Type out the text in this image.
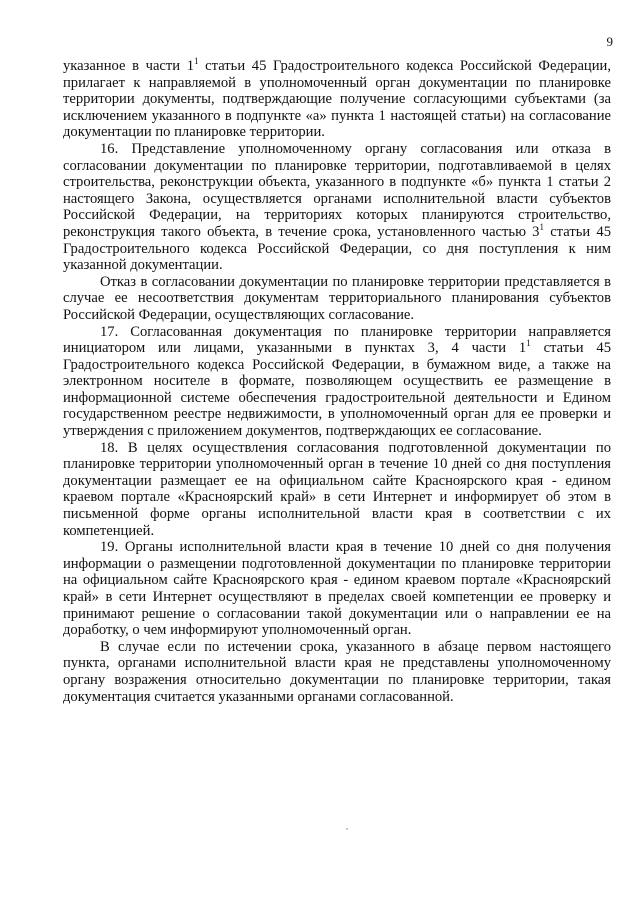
9

указанное в части $1^1$ статьи 45 Градостроительного кодекса Российской Федерации, прилагает к направляемой в уполномоченный орган документации по планировке территории документы, подтверждающие получение согласующими субъектами (за исключением указанного в подпункте «а» пункта 1 настоящей статьи) на согласование документации по планировке территории.

16. Представление уполномоченному органу согласования или отказа в согласовании документации по планировке территории, подготавливаемой в целях строительства, реконструкции объекта, указанного в подпункте «б» пункта 1 статьи 2 настоящего Закона, осуществляется органами исполнительной власти субъектов Российской Федерации, на территориях которых планируются строительство, реконструкция такого объекта, в течение срока, установленного частью $3^1$ статьи 45 Градостроительного кодекса Российской Федерации, со дня поступления к ним указанной документации.

Отказ в согласовании документации по планировке территории представляется в случае ее несоответствия документам территориального планирования субъектов Российской Федерации, осуществляющих согласование.

17. Согласованная документация по планировке территории направляется инициатором или лицами, указанными в пунктах 3, 4 части $1^1$ статьи 45 Градостроительного кодекса Российской Федерации, в бумажном виде, а также на электронном носителе в формате, позволяющем осуществить ее размещение в информационной системе обеспечения градостроительной деятельности и Едином государственном реестре недвижимости, в уполномоченный орган для ее проверки и утверждения с приложением документов, подтверждающих ее согласование.

18. В целях осуществления согласования подготовленной документации по планировке территории уполномоченный орган в течение 10 дней со дня поступления документации размещает ее на официальном сайте Красноярского края - едином краевом портале «Красноярский край» в сети Интернет и информирует об этом в письменной форме органы исполнительной власти края в соответствии с их компетенцией.

19. Органы исполнительной власти края в течение 10 дней со дня получения информации о размещении подготовленной документации по планировке территории на официальном сайте Красноярского края - едином краевом портале «Красноярский край» в сети Интернет осуществляют в пределах своей компетенции ее проверку и принимают решение о согласовании такой документации или о направлении ее на доработку, о чем информируют уполномоченный орган.

В случае если по истечении срока, указанного в абзаце первом настоящего пункта, органами исполнительной власти края не представлены уполномоченному органу возражения относительно документации по планировке территории, такая документация считается указанными органами согласованной.
